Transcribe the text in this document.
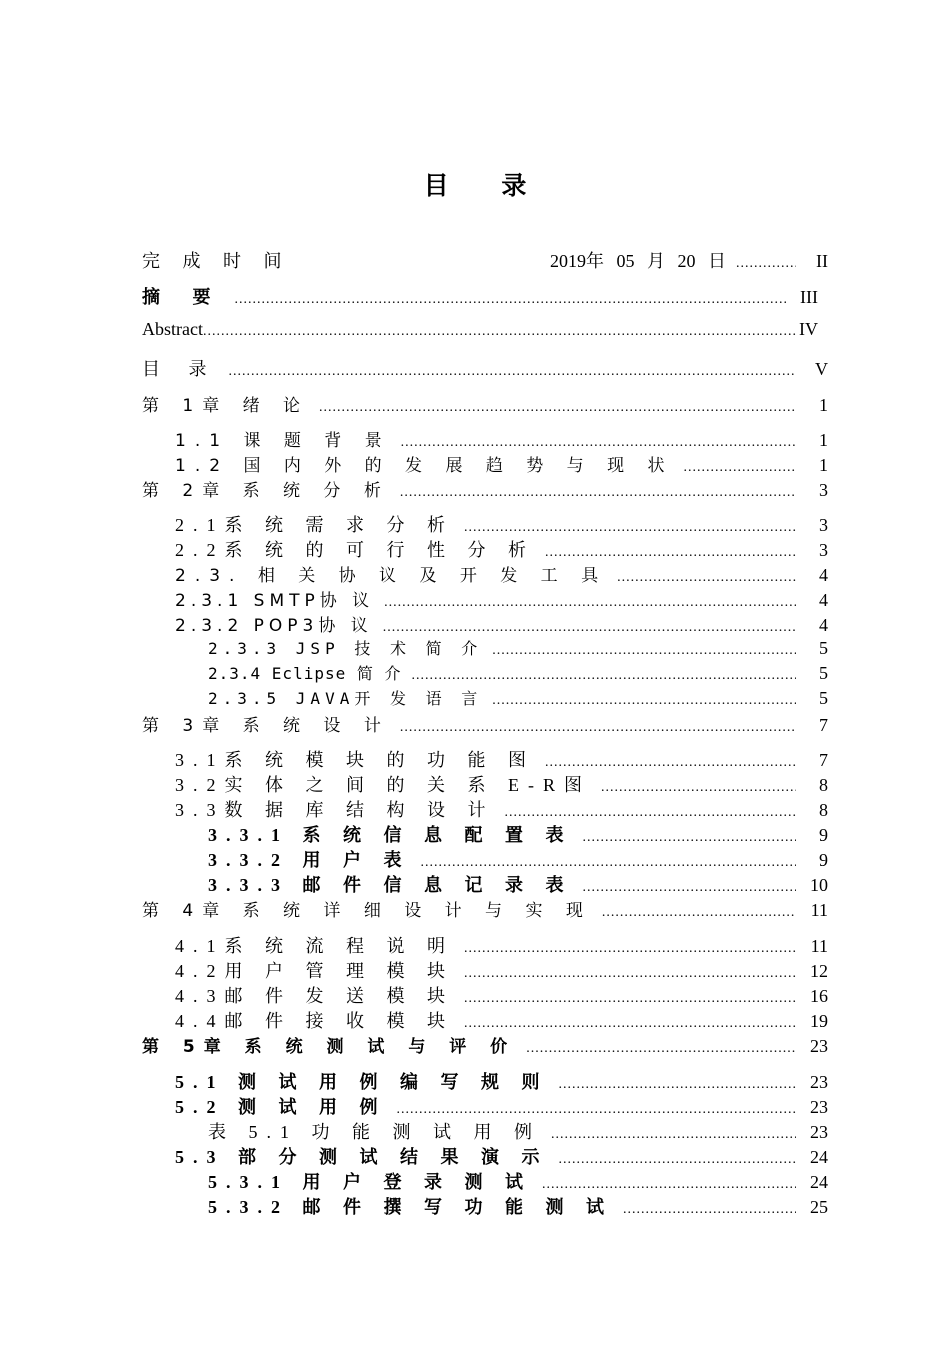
目 录
完 成 时 间	2019年 05 月 20 日 .....	II
摘 要 .....	III
Abstract .....	IV
目 录 .....	V
第 1章 绪 论 .....	1
1.1 课 题 背 景 .....	1
1.2 国 内 外 的 发 展 趋 势 与 现 状 .....	1
第 2章 系 统 分 析 .....	3
2.1系 统 需 求 分 析 .....	3
2.2系 统 的 可 行 性 分 析 .....	3
2.3. 相 关 协 议 及 开 发 工 具 .....	4
2.3.1 SMTP协 议 .....	4
2.3.2 POP3协 议 .....	4
2.3.3 JSP 技 术 简 介 .....	5
2.3.4 Eclipse 简 介 .....	5
2.3.5 JAVA开 发 语 言 .....	5
第 3章 系 统 设 计 .....	7
3.1系 统 模 块 的 功 能 图 .....	7
3.2实 体 之 间 的 关 系 E-R图 .....	8
3.3数 据 库 结 构 设 计 .....	8
3.3.1 系 统 信 息 配 置 表 .....	9
3.3.2 用 户 表 .....	9
3.3.3 邮 件 信 息 记 录 表 .....	10
第 4章 系 统 详 细 设 计 与 实 现 .....	11
4.1系 统 流 程 说 明 .....	11
4.2用 户 管 理 模 块 .....	12
4.3邮 件 发 送 模 块 .....	16
4.4邮 件 接 收 模 块 .....	19
第 5章 系 统 测 试 与 评 价 .....	23
5.1 测 试 用 例 编 写 规 则 .....	23
5.2 测 试 用 例 .....	23
表 5.1 功 能 测 试 用 例 .....	23
5.3 部 分 测 试 结 果 演 示 .....	24
5.3.1 用 户 登 录 测 试 .....	24
5.3.2 邮 件 撰 写 功 能 测 试 .....	25
